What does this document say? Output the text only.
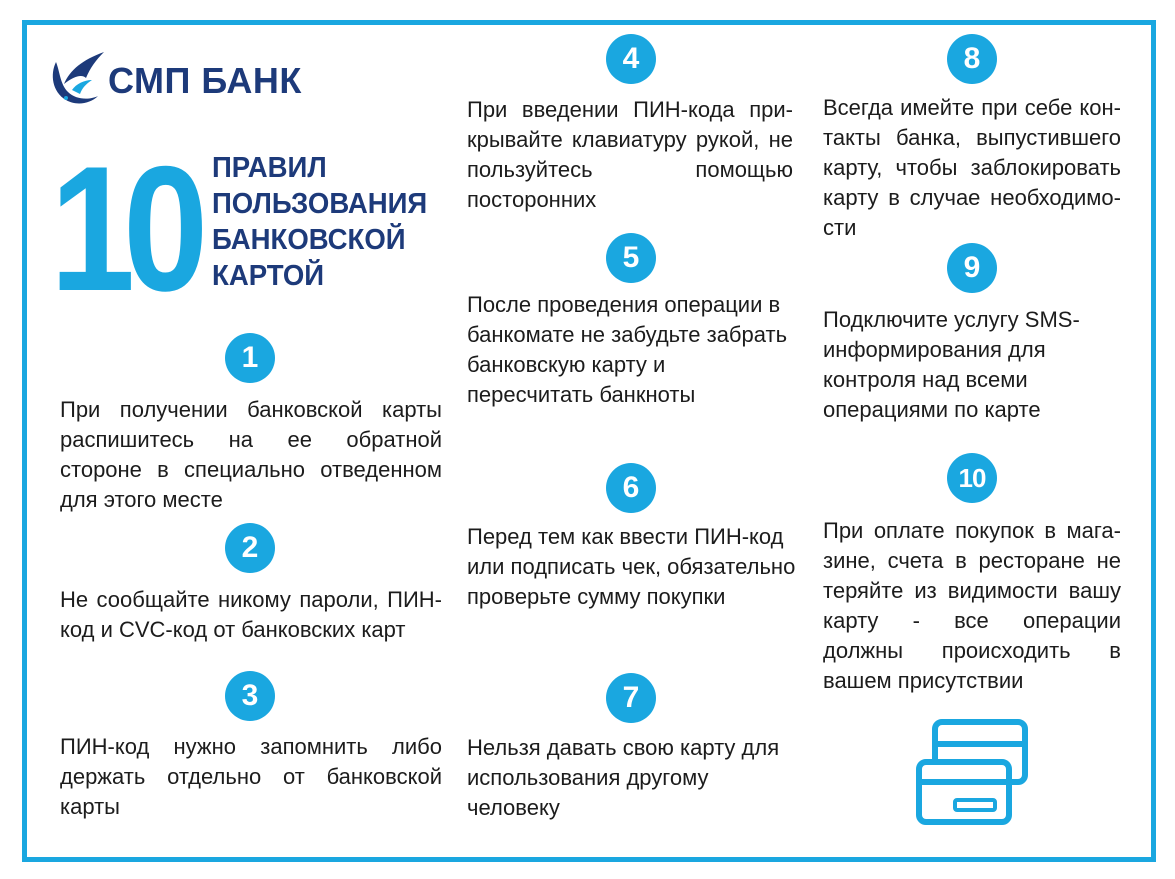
СМП БАНК
10 ПРАВИЛ
ПОЛЬЗОВАНИЯ
БАНКОВСКОЙ
КАРТОЙ
1
При получении банковской карты распишитесь на ее обратной стороне в специально отведенном для этого месте
2
Не сообщайте никому пароли, ПИН-код и CVC-код от банковских карт
3
ПИН-код нужно запомнить либо держать отдельно от банковской карты
4
При введении ПИН-кода при-крывайте клавиатуру рукой, не пользуйтесь помощью посторонних
5
После проведения операции в банкомате не забудьте забрать банковскую карту и пересчитать банкноты
6
Перед тем как ввести ПИН-код или подписать чек, обязательно проверьте сумму покупки
7
Нельзя давать свою карту для использования другому человеку
8
Всегда имейте при себе кон-такты банка, выпустившего карту, чтобы заблокировать карту в случае необходимо-сти
9
Подключите услугу SMS- информирования для контроля над всеми операциями по карте
10
При оплате покупок в мага-зине, счета в ресторане не теряйте из видимости вашу карту - все операции должны происходить в вашем присутствии
